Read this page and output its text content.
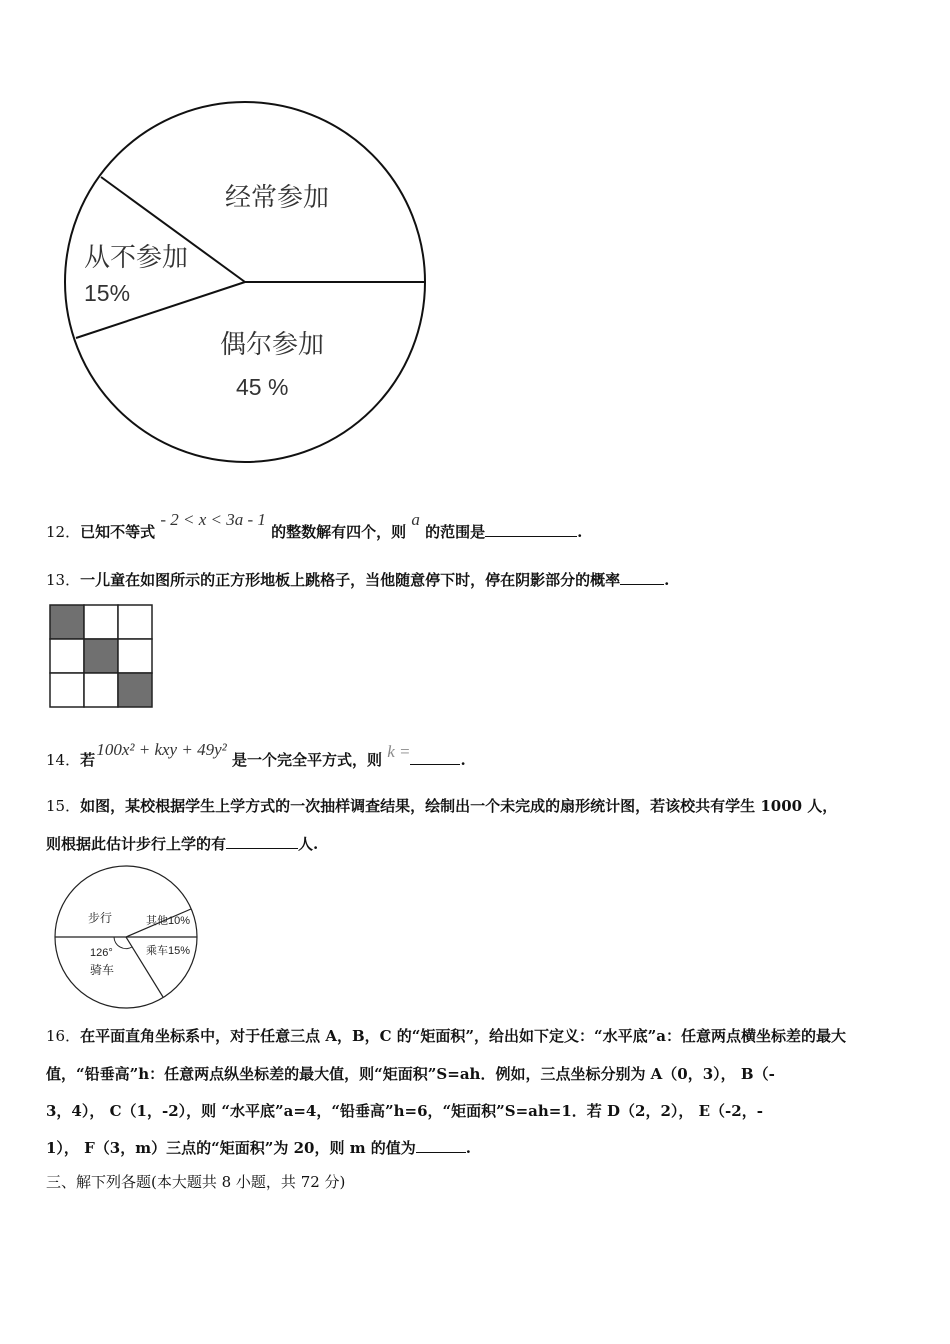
经常参加
从不参加
15%
偶尔参加
45 %
12．已知不等式 - 2 < x < 3a - 1 的整数解有四个，则 a 的范围是	.
13．一儿童在如图所示的正方形地板上跳格子，当他随意停下时，停在阴影部分的概率	.
14．若 100x² + kxy + 49y² 是一个完全平方式，则 k =	.
15．如图，某校根据学生上学方式的一次抽样调查结果，绘制出一个未完成的扇形统计图，若该校共有学生 1000 人，
则根据此估计步行上学的有	人.
步行	其他10%
乘车15%
126°
骑车
16．在平面直角坐标系中，对于任意三点 A，B，C 的“矩面积”，给出如下定义：“水平底”a：任意两点横坐标差的最大
值，“铅垂高”h：任意两点纵坐标差的最大值，则“矩面积”S=ah．例如，三点坐标分别为 A（0，3）， B（-
3，4）， C（1，-2），则 “水平底”a=4，“铅垂高”h=6，“矩面积”S=ah=1．若 D（2，2）， E（-2，-
1）， F（3，m）三点的“矩面积”为 20，则 m 的值为	.
三、解下列各题(本大题共 8 小题，共 72 分)
